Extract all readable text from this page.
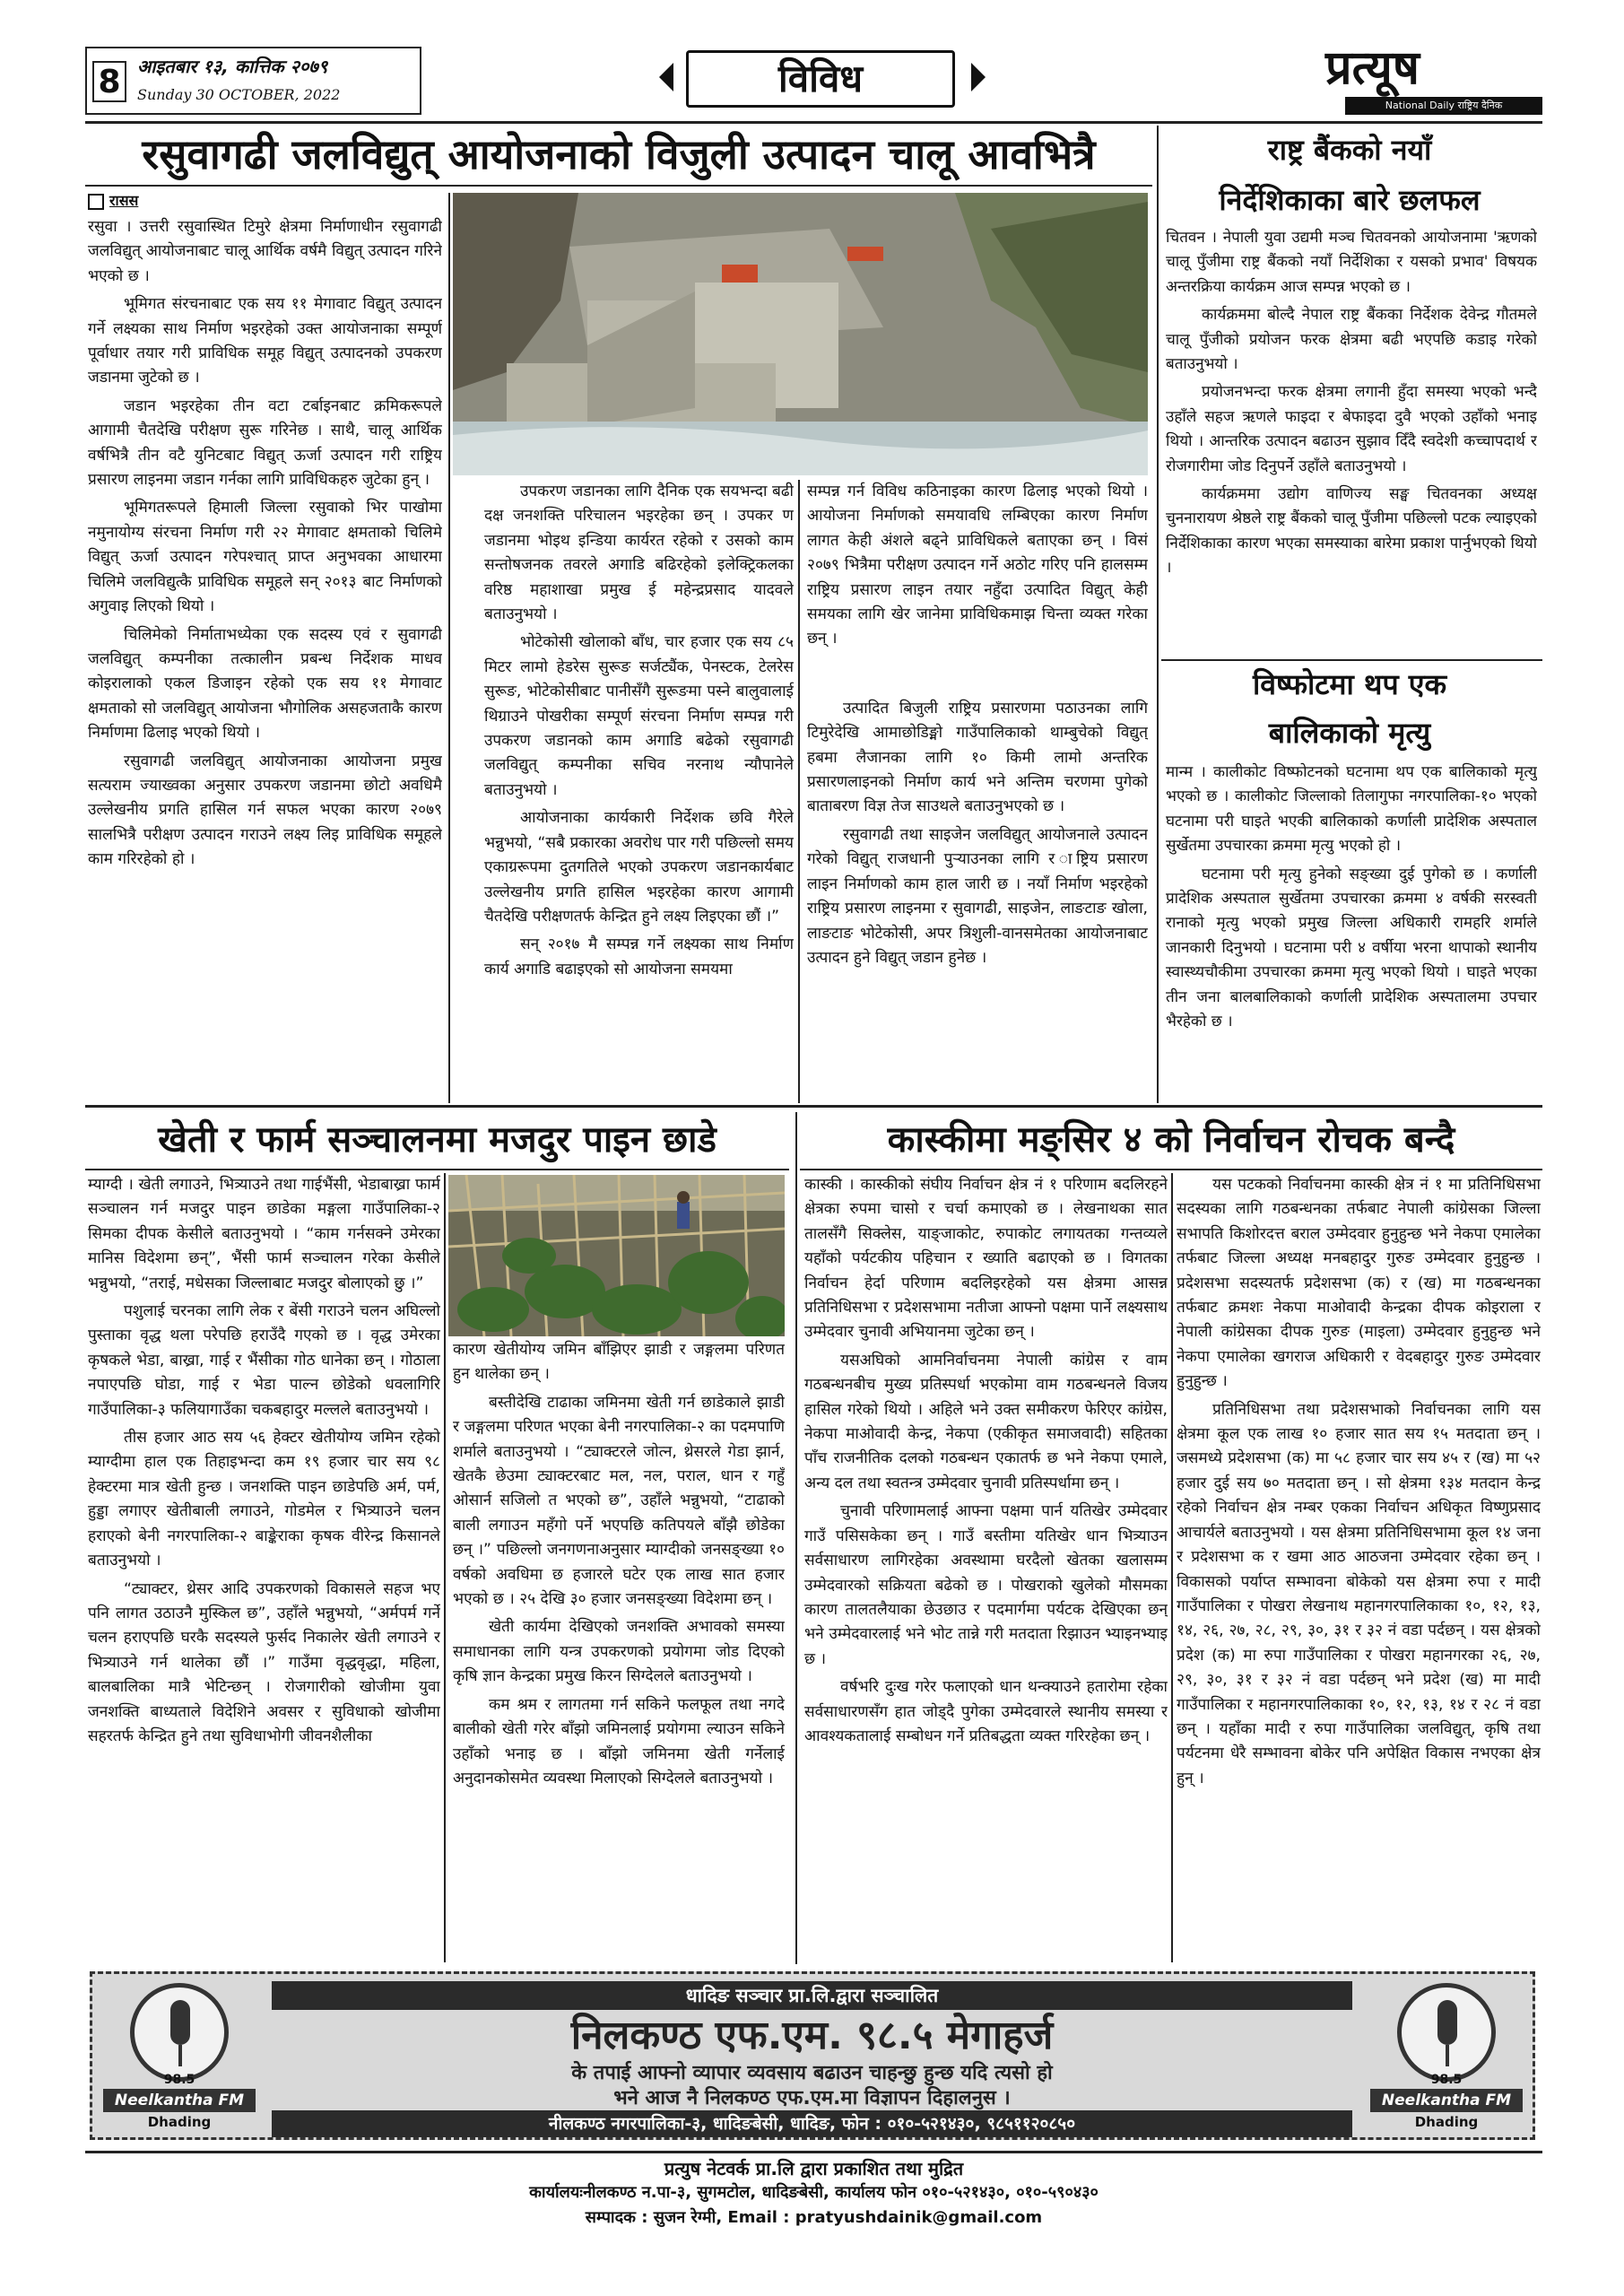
8 आइतबार १३, कात्तिक २०७९
Sunday 30 OCTOBER, 2022	विविध	प्रत्यूष
National Daily राष्ट्रिय दैनिक
रसुवागढी जलविद्युत् आयोजनाको विजुली उत्पादन चालू आवभित्रै
रासस

रसुवा । उत्तरी रसुवास्थित टिमुरे क्षेत्रमा निर्माणाधीन रसुवागढी जलविद्युत् आयोजनाबाट चालू आर्थिक वर्षमै विद्युत् उत्पादन गरिने भएको छ ।

भूमिगत संरचनाबाट एक सय ११ मेगावाट विद्युत् उत्पादन गर्ने लक्ष्यका साथ निर्माण भइरहेको उक्त आयोजनाका सम्पूर्ण पूर्वाधार तयार गरी प्राविधिक समूह विद्युत् उत्पादनको उपकरण जडानमा जुटेको छ ।

जडान भइरहेका तीन वटा टर्बाइनबाट क्रमिकरूपले आगामी चैतदेखि परीक्षण सुरू गरिनेछ । साथै, चालू आर्थिक वर्षभित्रै तीन वटै युनिटबाट विद्युत् ऊर्जा उत्पादन गरी राष्ट्रिय प्रसारण लाइनमा जडान गर्नका लागि प्राविधिकहरु जुटेका हुन् ।

भूमिगतरूपले हिमाली जिल्ला रसुवाको भिर पाखोमा नमुनायोग्य संरचना निर्माण गरी २२ मेगावाट क्षमताको चिलिमे विद्युत् ऊर्जा उत्पादन गरेपश्चात् प्राप्त अनुभवका आधारमा चिलिमे जलविद्युत्कै प्राविधिक समूहले सन् २०१३ बाट निर्माणको अगुवाइ लिएको थियो ।

चिलिमेको निर्माताभध्येका एक सदस्य एवं र सुवागढी जलविद्युत् कम्पनीका तत्कालीन प्रबन्ध निर्देशक माधव कोइरालाको एकल डिजाइन रहेको एक सय ११ मेगावाट क्षमताको सो जलविद्युत् आयोजना भौगोलिक असहजताकै कारण निर्माणमा ढिलाइ भएको थियो ।

रसुवागढी जलविद्युत् आयोजनाका आयोजना प्रमुख सत्यराम ज्याख्वका अनुसार उपकरण जडानमा छोटो अवधिमै उल्लेखनीय प्रगति हासिल गर्न सफल भएका कारण २०७९ सालभित्रै परीक्षण उत्पादन गराउने लक्ष्य लिइ प्राविधिक समूहले काम गरिरहेको हो ।

उपकरण जडानका लागि दैनिक एक सयभन्दा बढी दक्ष जनशक्ति परिचालन भइरहेका छन् । उपकर ण जडानमा भोइथ इन्डिया कार्यरत रहेको र उसको काम सन्तोषजनक तवरले अगाडि बढिरहेको इलेक्ट्रिकलका वरिष्ठ महाशाखा प्रमुख ई महेन्द्रप्रसाद यादवले बताउनुभयो ।

भोटेकोसी खोलाको बाँध, चार हजार एक सय ८५ मिटर लामो हेडरेस सुरूङ सर्जट्यैंक, पेनस्टक, टेलरेस सुरूङ, भोटेकोसीबाट पानीसँगै सुरूङमा पस्ने बालुवालाई थिग्राउने पोखरीका सम्पूर्ण संरचना निर्माण सम्पन्न गरी उपकरण जडानको काम अगाडि बढेको रसुवागढी जलविद्युत् कम्पनीका सचिव नरनाथ न्यौपानेले बताउनुभयो ।

आयोजनाका कार्यकारी निर्देशक छवि गैरेले भन्नुभयो, “सबै प्रकारका अवरोध पार गरी पछिल्लो समय एकाग्ररूपमा दुतगतिले भएको उपकरण जडानकार्यबाट उल्लेखनीय प्रगति हासिल भइरहेका कारण आगामी चैतदेखि परीक्षणतर्फ केन्द्रित हुने लक्ष्य लिइएका छौं ।”

सन् २०१७ मै सम्पन्न गर्ने लक्ष्यका साथ निर्माण कार्य अगाडि बढाइएको सो आयोजना समयमा

सम्पन्न गर्न विविध कठिनाइका कारण ढिलाइ भएको थियो । आयोजना निर्माणको समयावधि लम्बिएका कारण निर्माण लागत केही अंशले बढ्ने प्राविधिकले बताएका छन् । विसं २०७९ भित्रैमा परीक्षण उत्पादन गर्ने अठोट गरिए पनि हालसम्म राष्ट्रिय प्रसारण लाइन तयार नहुँदा उत्पादित विद्युत् केही समयका लागि खेर जानेमा प्राविधिकमाझ चिन्ता व्यक्त गरेका छन् ।

उत्पादित बिजुली राष्ट्रिय प्रसारणमा पठाउनका लागि टिमुरेदेखि आमाछोडिङ्मो गाउँपालिकाको थाम्बुचेको विद्युत् हबमा लैजानका लागि १० किमी लामो अन्तरिक प्रसारणलाइनको निर्माण कार्य भने अन्तिम चरणमा पुगेको बाताबरण विज्ञ तेज साउथले बताउनुभएको छ ।

रसुवागढी तथा साइजेन जलविद्युत् आयोजनाले उत्पादन गरेको विद्युत् राजधानी पुऱ्याउनका लागि र ाष्ट्रिय प्रसारण लाइन निर्माणको काम हाल जारी छ । नयाँ निर्माण भइरहेको राष्ट्रिय प्रसारण लाइनमा र सुवागढी, साइजेन, लाङटाङ खोला, लाङटाङ भोटेकोसी, अपर त्रिशुली-वानसमेतका आयोजनाबाट उत्पादन हुने विद्युत् जडान हुनेछ ।

राष्ट्र बैंकको नयाँ
निर्देशिकाका बारे छलफल

चितवन । नेपाली युवा उद्यमी मञ्च चितवनको आयोजनामा 'ऋणको चालू पुँजीमा राष्ट्र बैंकको नयाँ निर्देशिका र यसको प्रभाव' विषयक अन्तरक्रिया कार्यक्रम आज सम्पन्न भएको छ ।

कार्यक्रममा बोल्दै नेपाल राष्ट्र बैंकका निर्देशक देवेन्द्र गौतमले चालू पुँजीको प्रयोजन फरक क्षेत्रमा बढी भएपछि कडाइ गरेको बताउनुभयो ।

प्रयोजनभन्दा फरक क्षेत्रमा लगानी हुँदा समस्या भएको भन्दै उहाँले सहज ऋणले फाइदा र बेफाइदा दुवै भएको उहाँको भनाइ थियो । आन्तरिक उत्पादन बढाउन सुझाव दिँदै स्वदेशी कच्चापदार्थ र रोजगारीमा जोड दिनुपर्ने उहाँले बताउनुभयो ।

कार्यक्रममा उद्योग वाणिज्य सङ्घ चितवनका अध्यक्ष चुननारायण श्रेष्ठले राष्ट्र बैंकको चालू पुँजीमा पछिल्लो पटक ल्याइएको निर्देशिकाका कारण भएका समस्याका बारेमा प्रकाश पार्नुभएको थियो ।

विष्फोटमा थप एक
बालिकाको मृत्यु

मान्म । कालीकोट विष्फोटनको घटनामा थप एक बालिकाको मृत्यु भएको छ । कालीकोट जिल्लाको तिलागुफा नगरपालिका-१० भएको घटनामा परी घाइते भएकी बालिकाको कर्णाली प्रादेशिक अस्पताल सुर्खेतमा उपचारका क्रममा मृत्यु भएको हो ।

घटनामा परी मृत्यु हुनेको सङ्ख्या दुई पुगेको छ । कर्णाली प्रादेशिक अस्पताल सुर्खेतमा उपचारका क्रममा ४ वर्षकी सरस्वती रानाको मृत्यु भएको प्रमुख जिल्ला अधिकारी रामहरि शर्माले जानकारी दिनुभयो । घटनामा परी ४ वर्षीया भरना थापाको स्थानीय स्वास्थ्यचौकीमा उपचारका क्रममा मृत्यु भएको थियो । घाइते भएका तीन जना बालबालिकाको कर्णाली प्रादेशिक अस्पतालमा उपचार भैरहेको छ ।

खेती र फार्म सञ्चालनमा मजदुर पाइन छाडे

म्याग्दी । खेती लगाउने, भित्र्याउने तथा गाईभैंसी, भेडाबाख्रा फार्म सञ्चालन गर्न मजदुर पाइन छाडेका मङ्गला गाउँपालिका-२ सिमका दीपक केसीले बताउनुभयो । “काम गर्नसक्ने उमेरका मानिस विदेशमा छन्”, भैंसी फार्म सञ्चालन गरेका केसीले भन्नुभयो, “तराई, मधेसका जिल्लाबाट मजदुर बोलाएको छु ।”

पशुलाई चरनका लागि लेक र बेंसी गराउने चलन अघिल्लो पुस्ताका वृद्ध थला परेपछि हराउँदै गएको छ । वृद्ध उमेरका कृषकले भेडा, बाख्रा, गाई र भैंसीका गोठ धानेका छन् । गोठाला नपाएपछि घोडा, गाई र भेडा पाल्न छोडेको धवलागिरि गाउँपालिका-३ फलियागाउँका चकबहादुर मल्लले बताउनुभयो ।

तीस हजार आठ सय ५६ हेक्टर खेतीयोग्य जमिन रहेको म्याग्दीमा हाल एक तिहाइभन्दा कम १९ हजार चार सय ९८ हेक्टरमा मात्र खेती हुन्छ । जनशक्ति पाइन छाडेपछि अर्म, पर्म, हुड्डा लगाएर खेतीबाली लगाउने, गोडमेल र भित्र्याउने चलन हराएको बेनी नगरपालिका-२ बाङ्केराका कृषक वीरेन्द्र किसानले बताउनुभयो ।

“ट्याक्टर, थ्रेसर आदि उपकरणको विकासले सहज भए पनि लागत उठाउनै मुस्किल छ”, उहाँले भन्नुभयो, “अर्मपर्म गर्ने चलन हराएपछि घरकै सदस्यले फुर्सद निकालेर खेती लगाउने र भित्र्याउने गर्न थालेका छौं ।” गाउँमा वृद्धवृद्धा, महिला, बालबालिका मात्रै भेटिन्छन् । रोजगारीको खोजीमा युवा जनशक्ति बाध्यताले विदेशिने अवसर र सुविधाको खोजीमा सहरतर्फ केन्द्रित हुने तथा सुविधाभोगी जीवनशैलीका

कारण खेतीयोग्य जमिन बाँझिएर झाडी र जङ्गलमा परिणत हुन थालेका छन् ।

बस्तीदेखि टाढाका जमिनमा खेती गर्न छाडेकाले झाडी र जङ्गलमा परिणत भएका बेनी नगरपालिका-२ का पदमपाणि शर्माले बताउनुभयो । “ट्याक्टरले जोत्न, थ्रेसरले गेडा झार्न, खेतकै छेउमा ट्याक्टरबाट मल, नल, पराल, धान र गहुँ ओसार्न सजिलो त भएको छ”, उहाँले भन्नुभयो, “टाढाको बाली लगाउन महँगो पर्ने भएपछि कतिपयले बाँझै छोडेका छन् ।” पछिल्लो जनगणनाअनुसार म्याग्दीको जनसङ्ख्या १० वर्षको अवधिमा छ हजारले घटेर एक लाख सात हजार भएको छ । २५ देखि ३० हजार जनसङ्ख्या विदेशमा छन् ।

खेती कार्यमा देखिएको जनशक्ति अभावको समस्या समाधानका लागि यन्त्र उपकरणको प्रयोगमा जोड दिएको कृषि ज्ञान केन्द्रका प्रमुख किरन सिग्देलले बताउनुभयो ।

कम श्रम र लागतमा गर्न सकिने फलफूल तथा नगदे बालीको खेती गरेर बाँझो जमिनलाई प्रयोगमा ल्याउन सकिने उहाँको भनाइ छ । बाँझो जमिनमा खेती गर्नेलाई अनुदानकोसमेत व्यवस्था मिलाएको सिग्देलले बताउनुभयो ।

कास्कीमा मङ्सिर ४ को निर्वाचन रोचक बन्दै

कास्की । कास्कीको संघीय निर्वाचन क्षेत्र नं १ परिणाम बदलिरहने क्षेत्रका रुपमा चासो र चर्चा कमाएको छ । लेखनाथका सात तालसँगै सिक्लेस, याङ्जाकोट, रुपाकोट लगायतका गन्तव्यले यहाँको पर्यटकीय पहिचान र ख्याति बढाएको छ । विगतका निर्वाचन हेर्दा परिणाम बदलिइरहेको यस क्षेत्रमा आसन्न प्रतिनिधिसभा र प्रदेशसभामा नतीजा आफ्नो पक्षमा पार्ने लक्ष्यसाथ उम्मेदवार चुनावी अभियानमा जुटेका छन् ।

यसअघिको आमनिर्वाचनमा नेपाली कांग्रेस र वाम गठबन्धनबीच मुख्य प्रतिस्पर्धा भएकोमा वाम गठबन्धनले विजय हासिल गरेको थियो । अहिले भने उक्त समीकरण फेरिएर कांग्रेस, नेकपा माओवादी केन्द्र, नेकपा (एकीकृत समाजवादी) सहितका पाँच राजनीतिक दलको गठबन्धन एकातर्फ छ भने नेकपा एमाले, अन्य दल तथा स्वतन्त्र उम्मेदवार चुनावी प्रतिस्पर्धामा छन् ।

चुनावी परिणामलाई आफ्ना पक्षमा पार्न यतिखेर उम्मेदवार गाउँ पसिसकेका छन् । गाउँ बस्तीमा यतिखेर धान भित्र्याउन सर्वसाधारण लागिरहेका अवस्थामा घरदैलो खेतका खलासम्म उम्मेदवारको सक्रियता बढेको छ । पोखराको खुलेको मौसमका कारण तालतलैयाका छेउछाउ र पदमार्गमा पर्यटक देखिएका छन् भने उम्मेदवारलाई भने भोट तान्ने गरी मतदाता रिझाउन भ्याइनभ्याइ छ ।

वर्षभरि दुःख गरेर फलाएको धान थन्क्याउने हतारोमा रहेका सर्वसाधारणसँग हात जोड्दै पुगेका उम्मेदवारले स्थानीय समस्या र आवश्यकतालाई सम्बोधन गर्ने प्रतिबद्धता व्यक्त गरिरहेका छन् ।

यस पटकको निर्वाचनमा कास्की क्षेत्र नं १ मा प्रतिनिधिसभा सदस्यका लागि गठबन्धनका तर्फबाट नेपाली कांग्रेसका जिल्ला सभापति किशोरदत्त बराल उम्मेदवार हुनुहुन्छ भने नेकपा एमालेका तर्फबाट जिल्ला अध्यक्ष मनबहादुर गुरुङ उम्मेदवार हुनुहुन्छ । प्रदेशसभा सदस्यतर्फ प्रदेशसभा (क) र (ख) मा गठबन्धनका तर्फबाट क्रमशः नेकपा माओवादी केन्द्रका दीपक कोइराला र नेपाली कांग्रेसका दीपक गुरुङ (माइला) उम्मेदवार हुनुहुन्छ भने नेकपा एमालेका खगराज अधिकारी र वेदबहादुर गुरुङ उम्मेदवार हुनुहुन्छ ।

प्रतिनिधिसभा तथा प्रदेशसभाको निर्वाचनका लागि यस क्षेत्रमा कूल एक लाख १० हजार सात सय १५ मतदाता छन् । जसमध्ये प्रदेशसभा (क) मा ५८ हजार चार सय ४५ र (ख) मा ५२ हजार दुई सय ७० मतदाता छन् । सो क्षेत्रमा १३४ मतदान केन्द्र रहेको निर्वाचन क्षेत्र नम्बर एकका निर्वाचन अधिकृत विष्णुप्रसाद आचार्यले बताउनुभयो । यस क्षेत्रमा प्रतिनिधिसभामा कूल १४ जना र प्रदेशसभा क र खमा आठ आठजना उम्मेदवार रहेका छन् । विकासको पर्याप्त सम्भावना बोकेको यस क्षेत्रमा रुपा र मादी गाउँपालिका र पोखरा लेखनाथ महानगरपालिकाका १०, १२, १३, १४, २६, २७, २८, २९, ३०, ३१ र ३२ नं वडा पर्दछन् । यस क्षेत्रको प्रदेश (क) मा रुपा गाउँपालिका र पोखरा महानगरका २६, २७, २९, ३०, ३१ र ३२ नं वडा पर्दछन् भने प्रदेश (ख) मा मादी गाउँपालिका र महानगरपालिकाका १०, १२, १३, १४ र २८ नं वडा छन् । यहाँका मादी र रुपा गाउँपालिका जलविद्युत्, कृषि तथा पर्यटनमा धेरै सम्भावना बोकेर पनि अपेक्षित विकास नभएका क्षेत्र हुन् ।

धादिङ सञ्चार प्रा.लि.द्वारा सञ्चालित
निलकण्ठ एफ.एम. ९८.५ मेगाहर्ज
के तपाई आफ्नो व्यापार व्यवसाय बढाउन चाहन्छु हुन्छ यदि त्यसो हो
भने आज नै निलकण्ठ एफ.एम.मा विज्ञापन दिहालनुस ।
नीलकण्ठ नगरपालिका-३, धादिङबेसी, धादिङ, फोन : ०१०-५२१४३०, ९८५११२०८५०
98.5
Neelkantha FM
Dhading
98.5
Neelkantha FM
Dhading
प्रत्युष नेटवर्क प्रा.लि द्वारा प्रकाशित तथा मुद्रित
कार्यालयःनीलकण्ठ न.पा-३, सुगमटोल, धादिङबेसी, कार्यालय फोन ०१०-५२१४३०, ०१०-५९०४३०
सम्पादक : सुजन रेग्मी, Email : pratyushdainik@gmail.com
